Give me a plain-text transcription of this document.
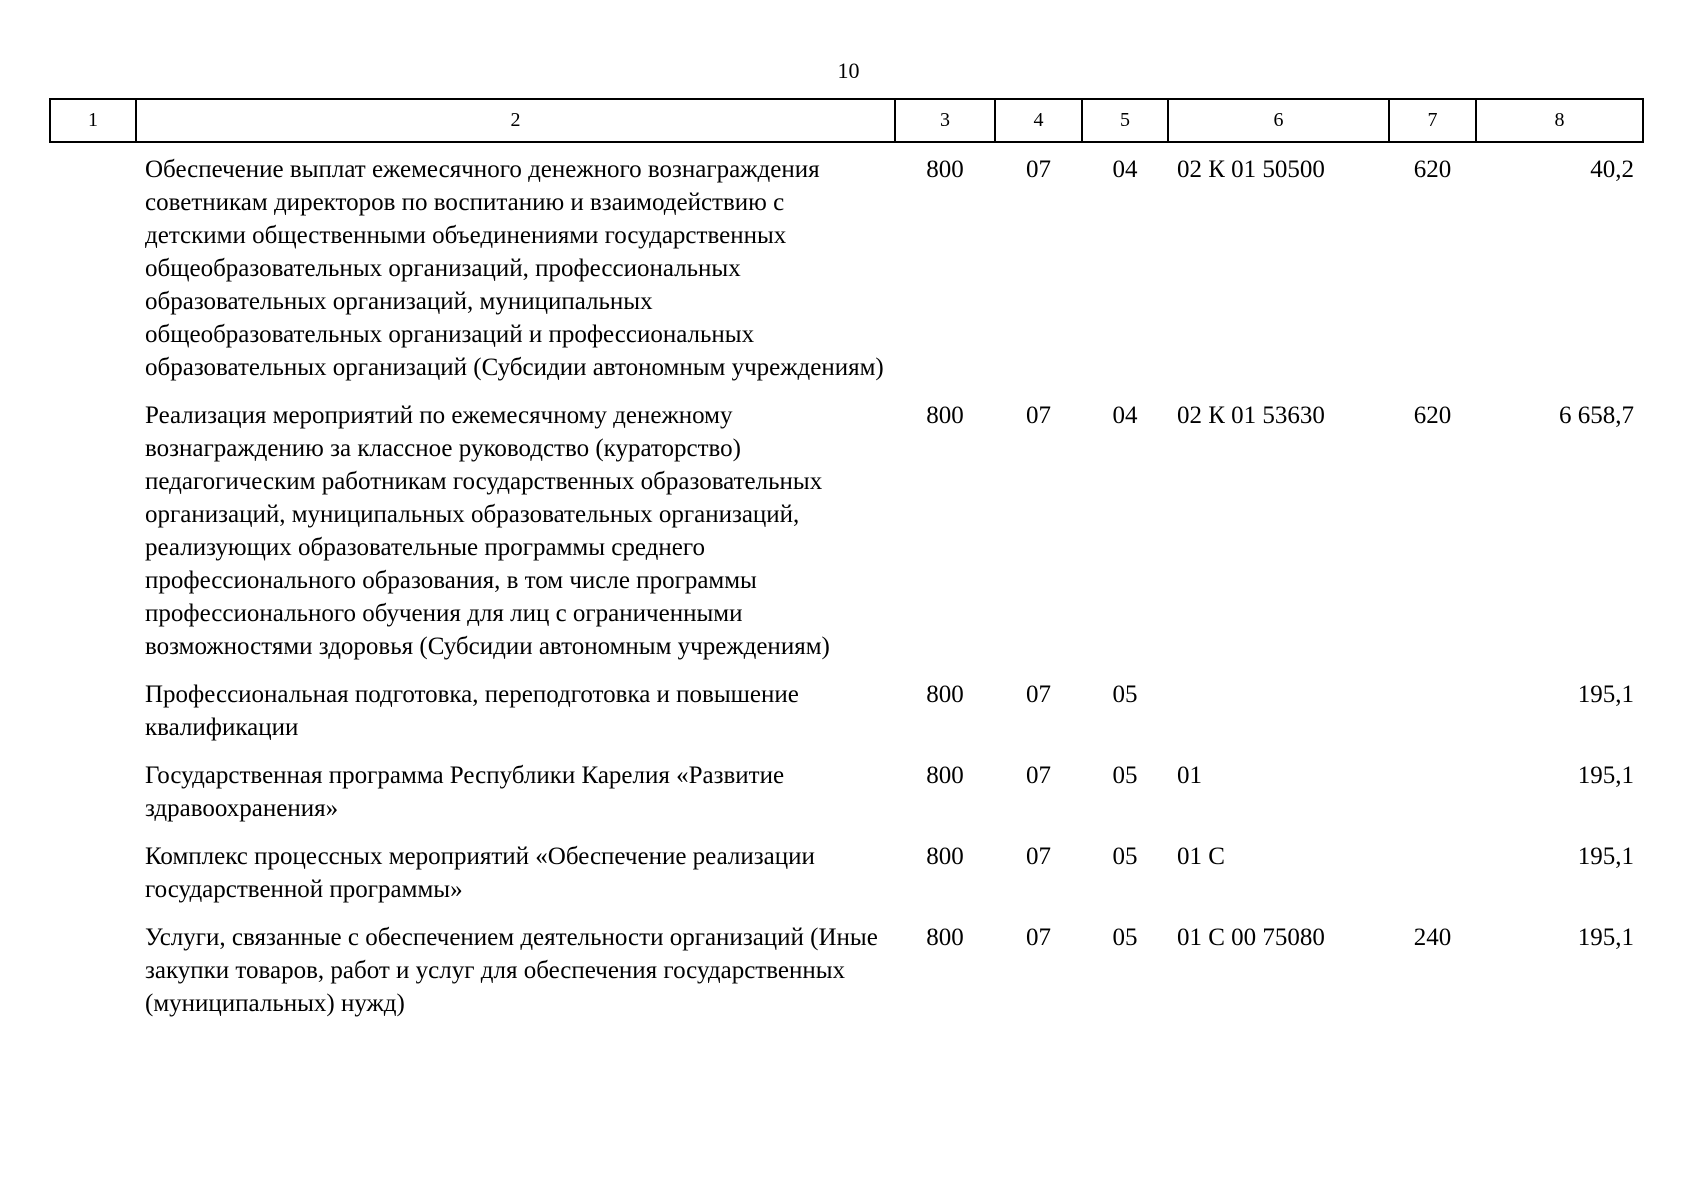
10
1	2	3	4	5	6	7	8
	Обеспечение выплат ежемесячного денежного вознаграждения советникам директоров по воспитанию и взаимодействию с детскими общественными объединениями государственных общеобразовательных организаций, профессиональных образовательных организаций, муниципальных общеобразовательных организаций и профессиональных образовательных организаций (Субсидии автономным учреждениям)	800	07	04	02 К 01 50500	620	40,2
	Реализация мероприятий по ежемесячному денежному вознаграждению за классное руководство (кураторство) педагогическим работникам государственных образовательных организаций, муниципальных образовательных организаций, реализующих образовательные программы среднего профессионального образования, в том числе программы профессионального обучения для лиц с ограниченными возможностями здоровья (Субсидии автономным учреждениям)	800	07	04	02 К 01 53630	620	6 658,7
	Профессиональная подготовка, переподготовка и повышение квалификации	800	07	05			195,1
	Государственная программа Республики Карелия «Развитие здравоохранения»	800	07	05	01		195,1
	Комплекс процессных мероприятий «Обеспечение реализации государственной программы»	800	07	05	01 С		195,1
	Услуги, связанные с обеспечением деятельности организаций (Иные закупки товаров, работ и услуг для обеспечения государственных (муниципальных) нужд)	800	07	05	01 С 00 75080	240	195,1
